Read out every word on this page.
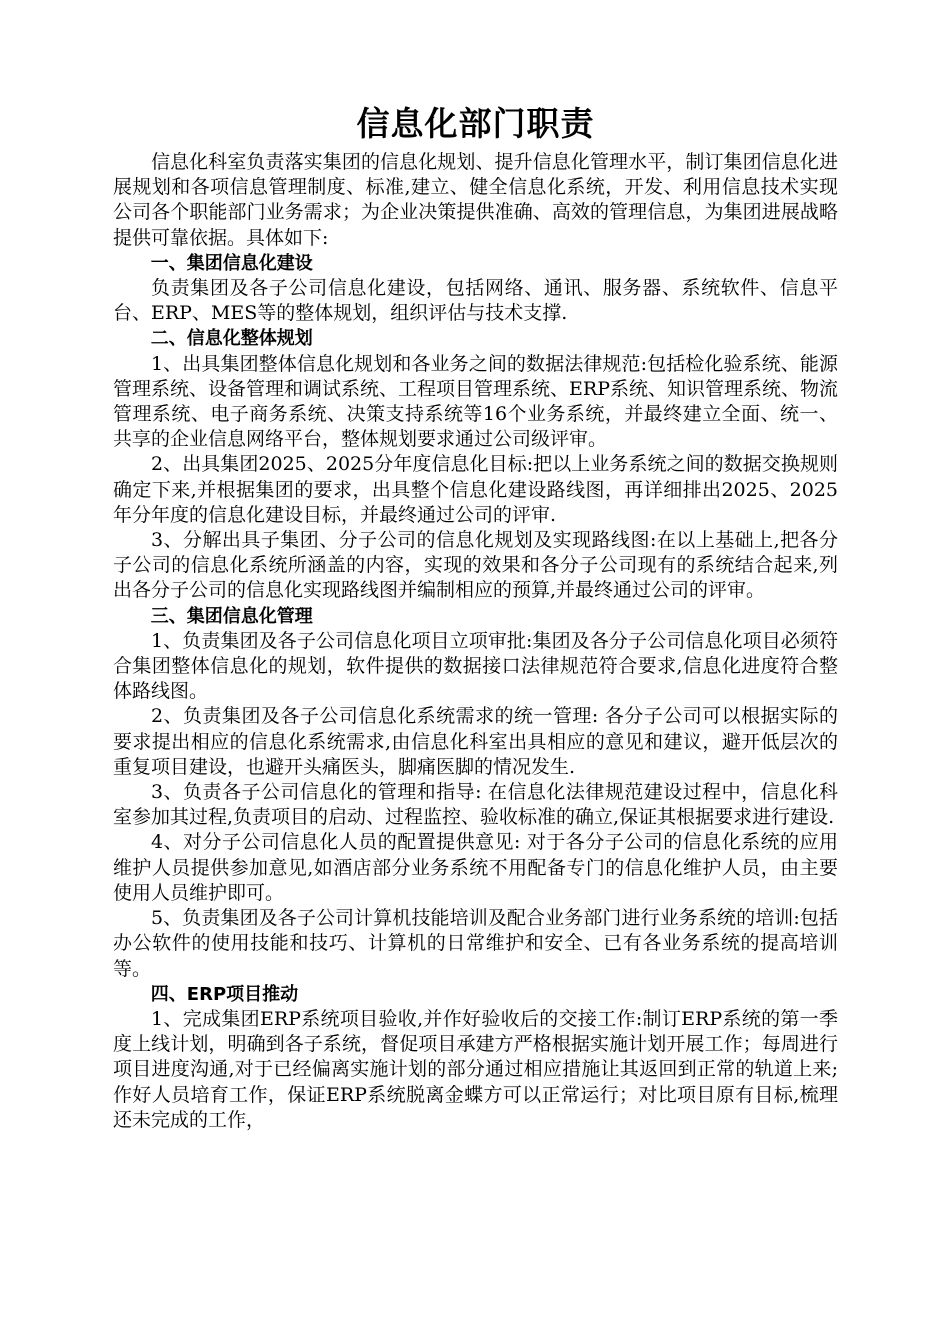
信息化部门职责

信息化科室负责落实集团的信息化规划、提升信息化管理水平，制订集团信息化进展规划和各项信息管理制度、标准,建立、健全信息化系统，开发、利用信息技术实现公司各个职能部门业务需求；为企业决策提供准确、高效的管理信息，为集团进展战略提供可靠依据。具体如下:

一、集团信息化建设

负责集团及各子公司信息化建设，包括网络、通讯、服务器、系统软件、信息平台、ERP、MES等的整体规划，组织评估与技术支撑.

二、信息化整体规划

1、出具集团整体信息化规划和各业务之间的数据法律规范:包括检化验系统、能源管理系统、设备管理和调试系统、工程项目管理系统、ERP系统、知识管理系统、物流管理系统、电子商务系统、决策支持系统等16个业务系统，并最终建立全面、统一、共享的企业信息网络平台，整体规划要求通过公司级评审。

2、出具集团2025、2025分年度信息化目标:把以上业务系统之间的数据交换规则确定下来,并根据集团的要求，出具整个信息化建设路线图，再详细排出2025、2025年分年度的信息化建设目标，并最终通过公司的评审.

3、分解出具子集团、分子公司的信息化规划及实现路线图:在以上基础上,把各分子公司的信息化系统所涵盖的内容，实现的效果和各分子公司现有的系统结合起来,列出各分子公司的信息化实现路线图并编制相应的预算,并最终通过公司的评审。

三、集团信息化管理

1、负责集团及各子公司信息化项目立项审批:集团及各分子公司信息化项目必须符合集团整体信息化的规划，软件提供的数据接口法律规范符合要求,信息化进度符合整体路线图。

2、负责集团及各子公司信息化系统需求的统一管理: 各分子公司可以根据实际的要求提出相应的信息化系统需求,由信息化科室出具相应的意见和建议，避开低层次的重复项目建设，也避开头痛医头，脚痛医脚的情况发生.

3、负责各子公司信息化的管理和指导: 在信息化法律规范建设过程中，信息化科室参加其过程,负责项目的启动、过程监控、验收标准的确立,保证其根据要求进行建设.

4、对分子公司信息化人员的配置提供意见: 对于各分子公司的信息化系统的应用维护人员提供参加意见,如酒店部分业务系统不用配备专门的信息化维护人员，由主要使用人员维护即可。

5、负责集团及各子公司计算机技能培训及配合业务部门进行业务系统的培训:包括办公软件的使用技能和技巧、计算机的日常维护和安全、已有各业务系统的提高培训等。

四、ERP项目推动

1、完成集团ERP系统项目验收,并作好验收后的交接工作:制订ERP系统的第一季度上线计划，明确到各子系统，督促项目承建方严格根据实施计划开展工作；每周进行项目进度沟通,对于已经偏离实施计划的部分通过相应措施让其返回到正常的轨道上来;作好人员培育工作，保证ERP系统脱离金蝶方可以正常运行；对比项目原有目标,梳理还未完成的工作，
